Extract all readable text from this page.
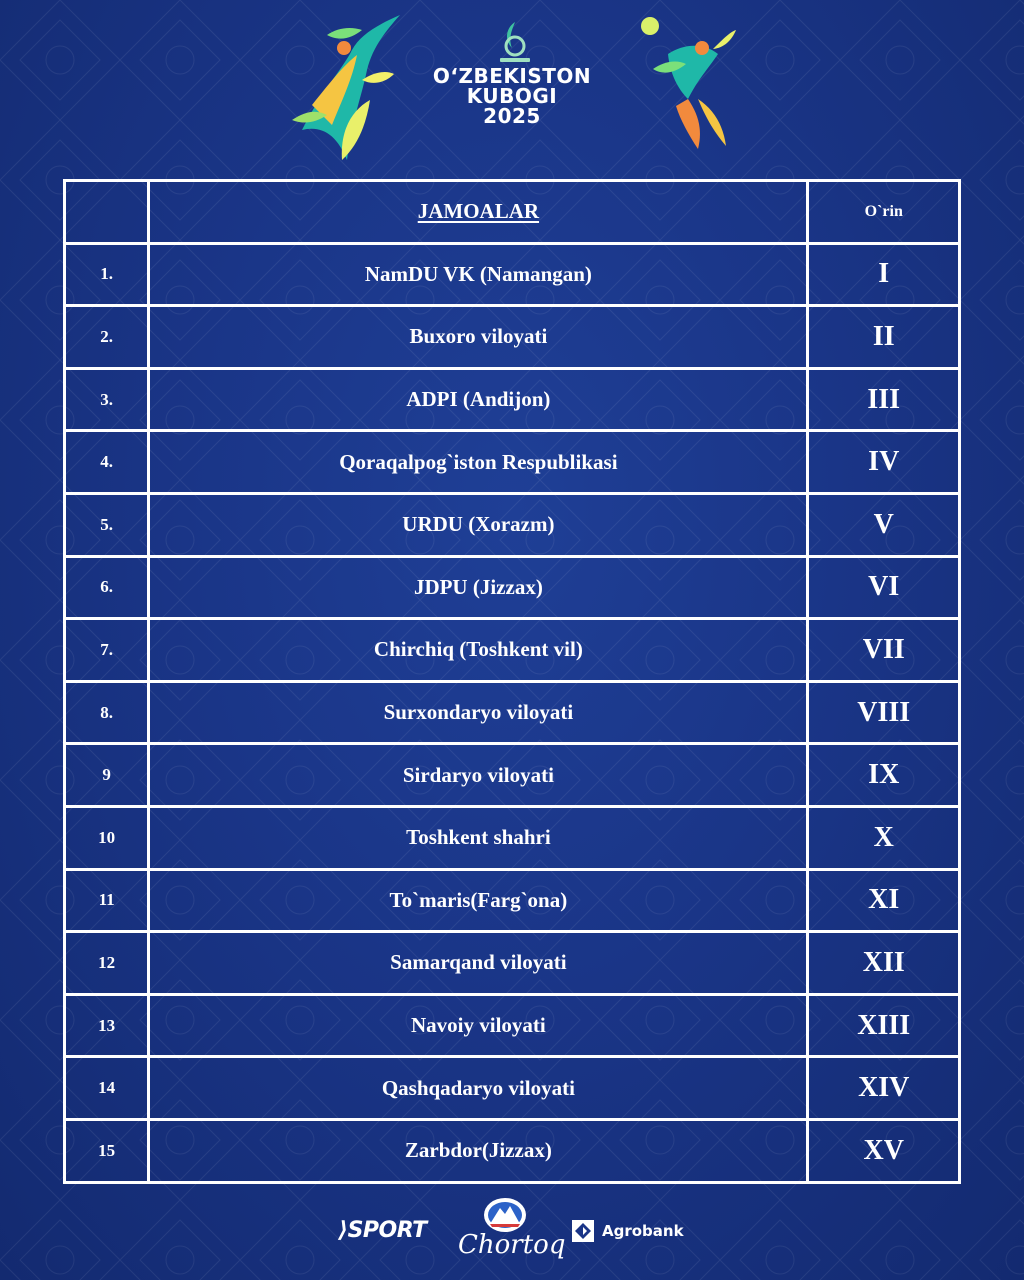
O‘ZBEKISTON
KUBOGI
2025
	JAMOALAR	O`rin
1.	NamDU VK (Namangan)	I
2.	Buxoro viloyati	II
3.	ADPI (Andijon)	III
4.	Qoraqalpog`iston Respublikasi	IV
5.	URDU (Xorazm)	V
6.	JDPU (Jizzax)	VI
7.	Chirchiq (Toshkent vil)	VII
8.	Surxondaryo viloyati	VIII
9	Sirdaryo viloyati	IX
10	Toshkent shahri	X
11	To`maris(Farg`ona)	XI
12	Samarqand viloyati	XII
13	Navoiy viloyati	XIII
14	Qashqadaryo viloyati	XIV
15	Zarbdor(Jizzax)	XV
⟩SPORT Chortoq Agrobank
